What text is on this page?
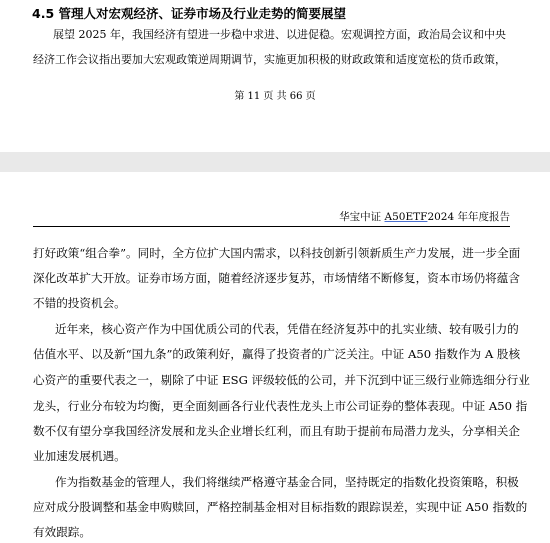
4.5 管理人对宏观经济、证券市场及行业走势的简要展望
展望 2025 年，我国经济有望进一步稳中求进、以进促稳。宏观调控方面，政治局会议和中央
经济工作会议指出要加大宏观政策逆周期调节，实施更加积极的财政政策和适度宽松的货币政策，
第 11 页 共 66 页
华宝中证 A50ETF2024 年年度报告
打好政策“组合拳”。同时，全方位扩大国内需求，以科技创新引领新质生产力发展，进一步全面
深化改革扩大开放。证券市场方面，随着经济逐步复苏，市场情绪不断修复，资本市场仍将蕴含
不错的投资机会。
近年来，核心资产作为中国优质公司的代表，凭借在经济复苏中的扎实业绩、较有吸引力的
估值水平、以及新“国九条”的政策利好，赢得了投资者的广泛关注。中证 A50 指数作为 A 股核
心资产的重要代表之一，剔除了中证 ESG 评级较低的公司，并下沉到中证三级行业筛选细分行业
龙头，行业分布较为均衡，更全面刻画各行业代表性龙头上市公司证券的整体表现。中证 A50 指
数不仅有望分享我国经济发展和龙头企业增长红利，而且有助于提前布局潜力龙头，分享相关企
业加速发展机遇。
作为指数基金的管理人，我们将继续严格遵守基金合同，坚持既定的指数化投资策略，积极
应对成分股调整和基金申购赎回，严格控制基金相对目标指数的跟踪误差，实现中证 A50 指数的
有效跟踪。
